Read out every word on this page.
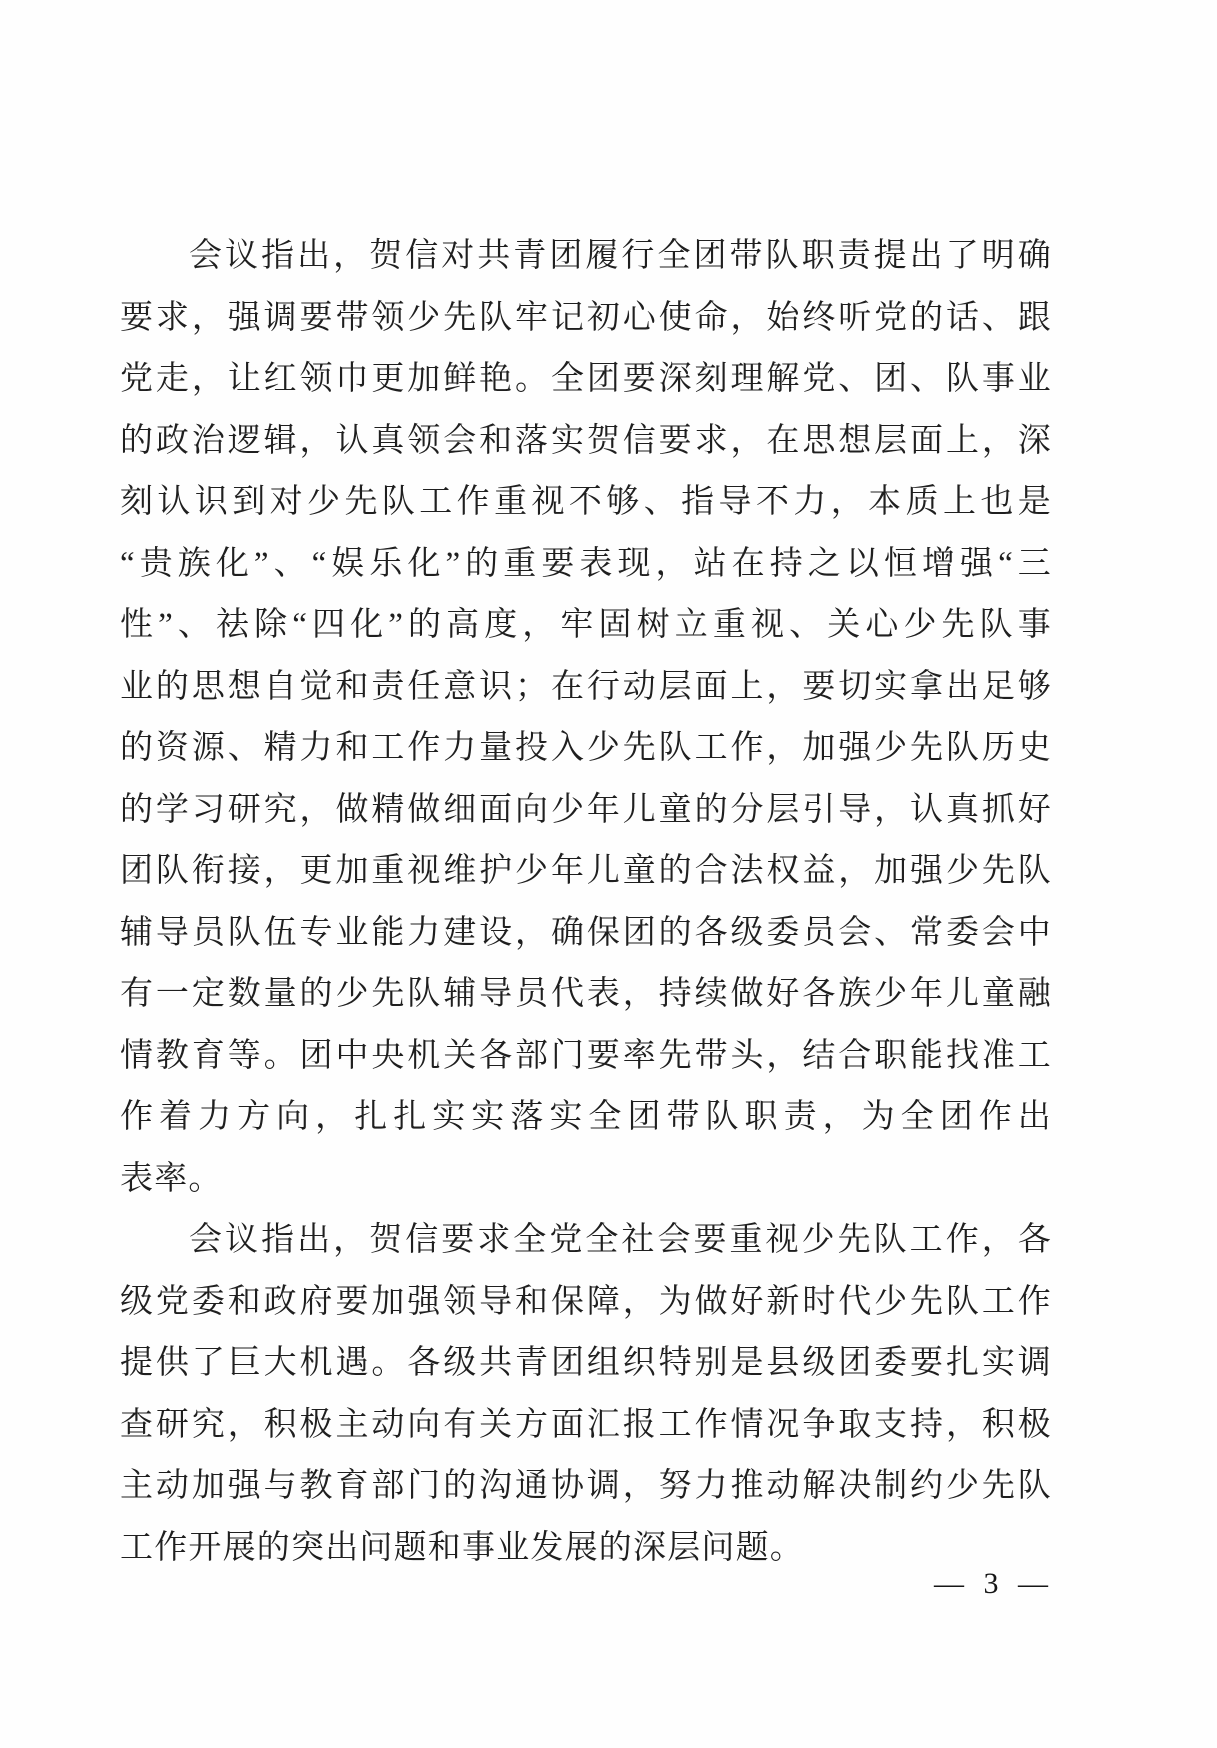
会议指出，贺信对共青团履行全团带队职责提出了明确
要求，强调要带领少先队牢记初心使命，始终听党的话、跟
党走，让红领巾更加鲜艳。全团要深刻理解党、团、队事业
的政治逻辑，认真领会和落实贺信要求，在思想层面上，深
刻认识到对少先队工作重视不够、指导不力，本质上也是
“贵族化”、“娱乐化”的重要表现，站在持之以恒增强“三
性”、祛除“四化”的高度，牢固树立重视、关心少先队事
业的思想自觉和责任意识；在行动层面上，要切实拿出足够
的资源、精力和工作力量投入少先队工作，加强少先队历史
的学习研究，做精做细面向少年儿童的分层引导，认真抓好
团队衔接，更加重视维护少年儿童的合法权益，加强少先队
辅导员队伍专业能力建设，确保团的各级委员会、常委会中
有一定数量的少先队辅导员代表，持续做好各族少年儿童融
情教育等。团中央机关各部门要率先带头，结合职能找准工
作着力方向，扎扎实实落实全团带队职责，为全团作出
表率。
会议指出，贺信要求全党全社会要重视少先队工作，各
级党委和政府要加强领导和保障，为做好新时代少先队工作
提供了巨大机遇。各级共青团组织特别是县级团委要扎实调
查研究，积极主动向有关方面汇报工作情况争取支持，积极
主动加强与教育部门的沟通协调，努力推动解决制约少先队
工作开展的突出问题和事业发展的深层问题。
— 3 —
